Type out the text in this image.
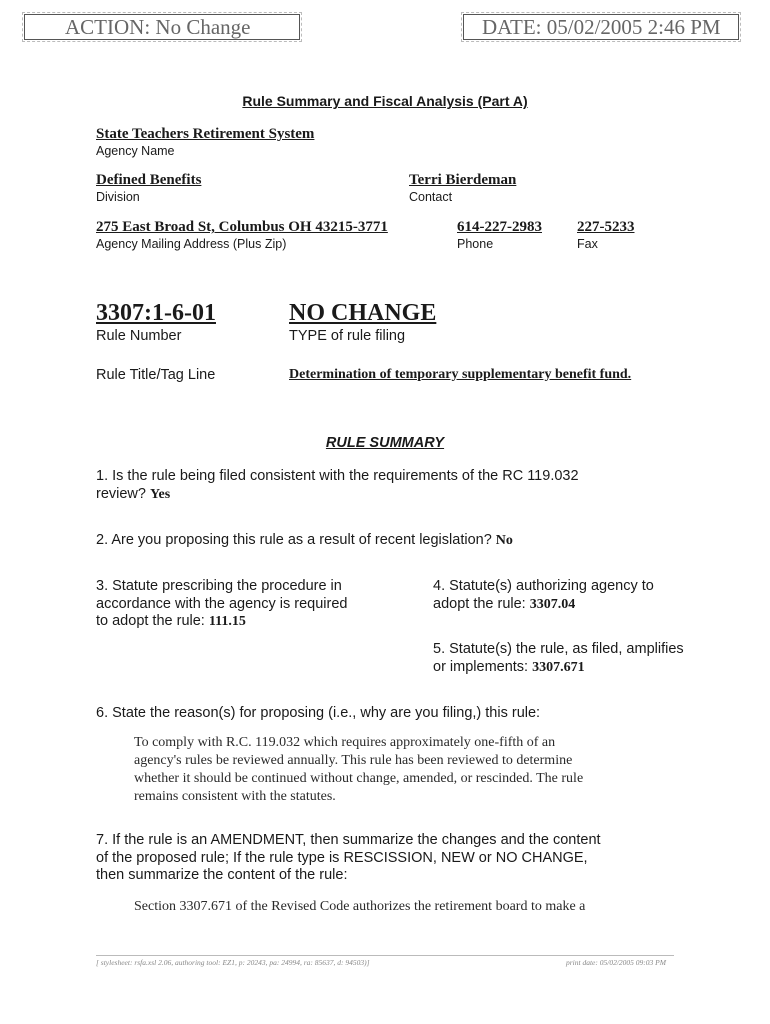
ACTION: No Change	DATE: 05/02/2005 2:46 PM
Rule Summary and Fiscal Analysis (Part A)
State Teachers Retirement System
Agency Name
Defined Benefits
Division
Terri Bierdeman
Contact
275 East Broad St, Columbus OH 43215-3771
Agency Mailing Address (Plus Zip)
614-227-2983
Phone
227-5233
Fax
3307:1-6-01
Rule Number
NO CHANGE
TYPE of rule filing
Rule Title/Tag Line	Determination of temporary supplementary benefit fund.
RULE SUMMARY
1. Is the rule being filed consistent with the requirements of the RC 119.032
review? Yes
2. Are you proposing this rule as a result of recent legislation? No
3. Statute prescribing the procedure in
accordance with the agency is required
to adopt the rule: 111.15
4. Statute(s) authorizing agency to
adopt the rule: 3307.04
5. Statute(s) the rule, as filed, amplifies
or implements: 3307.671
6. State the reason(s) for proposing (i.e., why are you filing,) this rule:
To comply with R.C. 119.032 which requires approximately one-fifth of an
agency's rules be reviewed annually. This rule has been reviewed to determine
whether it should be continued without change, amended, or rescinded. The rule
remains consistent with the statutes.
7. If the rule is an AMENDMENT, then summarize the changes and the content
of the proposed rule; If the rule type is RESCISSION, NEW or NO CHANGE,
then summarize the content of the rule:
Section 3307.671 of the Revised Code authorizes the retirement board to make a
[ stylesheet: rsfa.xsl 2.06, authoring tool: EZ1, p: 20243, pa: 24994, ra: 85637, d: 94503)]	print date: 05/02/2005 09:03 PM
